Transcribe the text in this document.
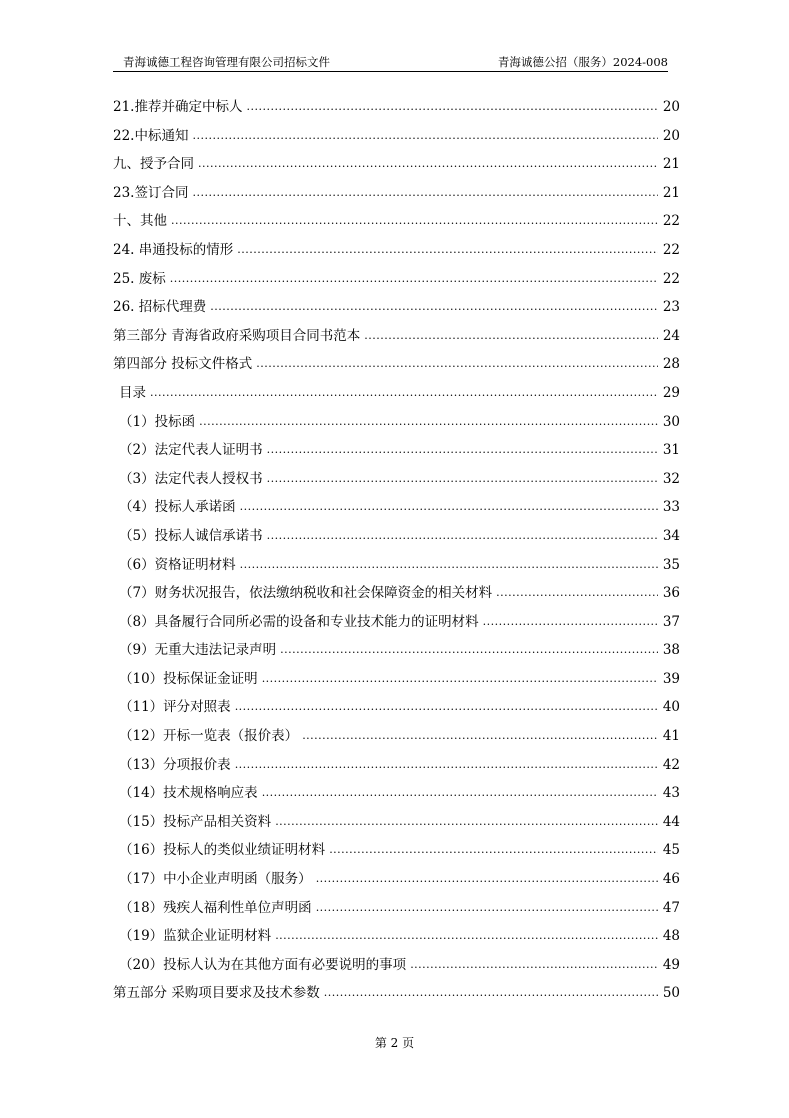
青海诚德工程咨询管理有限公司招标文件	青海诚德公招（服务）2024-008
21.推荐并确定中标人 .....	20
22.中标通知 .....	20
九、授予合同 .....	21
23.签订合同 .....	21
十、其他 .....	22
24. 串通投标的情形 .....	22
25. 废标 .....	22
26. 招标代理费 .....	23
第三部分 青海省政府采购项目合同书范本 .....	24
第四部分 投标文件格式 .....	28
目录 .....	29
（1）投标函 .....	30
（2）法定代表人证明书 .....	31
（3）法定代表人授权书 .....	32
（4）投标人承诺函 .....	33
（5）投标人诚信承诺书 .....	34
（6）资格证明材料 .....	35
（7）财务状况报告，依法缴纳税收和社会保障资金的相关材料 .....	36
（8）具备履行合同所必需的设备和专业技术能力的证明材料 .....	37
（9）无重大违法记录声明 .....	38
（10）投标保证金证明 .....	39
（11）评分对照表 .....	40
（12）开标一览表（报价表） .....	41
（13）分项报价表 .....	42
（14）技术规格响应表 .....	43
（15）投标产品相关资料 .....	44
（16）投标人的类似业绩证明材料 .....	45
（17）中小企业声明函（服务） .....	46
（18）残疾人福利性单位声明函 .....	47
（19）监狱企业证明材料 .....	48
（20）投标人认为在其他方面有必要说明的事项 .....	49
第五部分 采购项目要求及技术参数 .....	50
第 2 页
